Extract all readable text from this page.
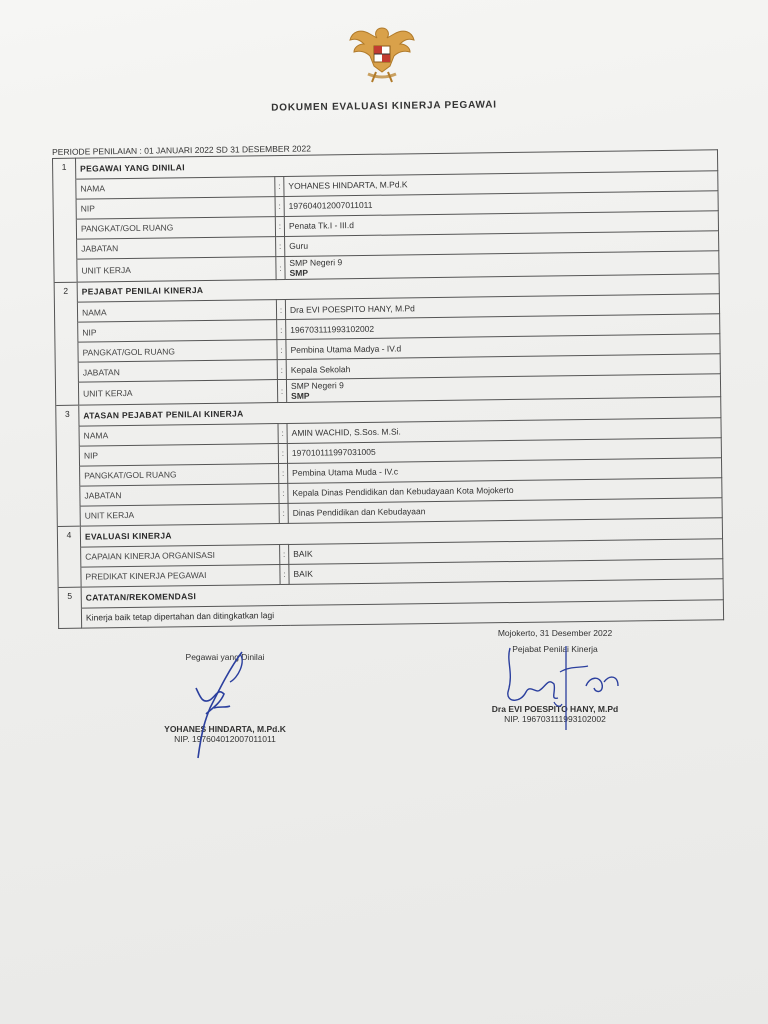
DOKUMEN EVALUASI KINERJA PEGAWAI
PERIODE PENILAIAN : 01 JANUARI 2022 SD 31 DESEMBER 2022
1	PEGAWAI YANG DINILAI		
	NAMA	:	YOHANES HINDARTA, M.Pd.K
	NIP	:	197604012007011011
	PANGKAT/GOL RUANG	:	Penata Tk.I - III.d
	JABATAN	:	Guru
	UNIT KERJA	:	SMP Negeri 9
SMP

2	PEJABAT PENILAI KINERJA		
	NAMA	:	Dra EVI POESPITO HANY, M.Pd
	NIP	:	196703111993102002
	PANGKAT/GOL RUANG	:	Pembina Utama Madya - IV.d
	JABATAN	:	Kepala Sekolah
	UNIT KERJA	:	SMP Negeri 9
SMP

3	ATASAN PEJABAT PENILAI KINERJA		
	NAMA	:	AMIN WACHID, S.Sos. M.Si.
	NIP	:	197010111997031005
	PANGKAT/GOL RUANG	:	Pembina Utama Muda - IV.c
	JABATAN	:	Kepala Dinas Pendidikan dan Kebudayaan Kota Mojokerto
	UNIT KERJA	:	Dinas Pendidikan dan Kebudayaan
4	EVALUASI KINERJA		
	CAPAIAN KINERJA ORGANISASI	:	BAIK
	PREDIKAT KINERJA PEGAWAI	:	BAIK
5	CATATAN/REKOMENDASI		
	Kinerja baik tetap dipertahan dan ditingkatkan lagi		
Pegawai yang Dinilai
YOHANES HINDARTA, M.Pd.K
NIP. 197604012007011011
Mojokerto, 31 Desember 2022
Pejabat Penilai Kinerja
Dra EVI POESPITO HANY, M.Pd
NIP. 196703111993102002
